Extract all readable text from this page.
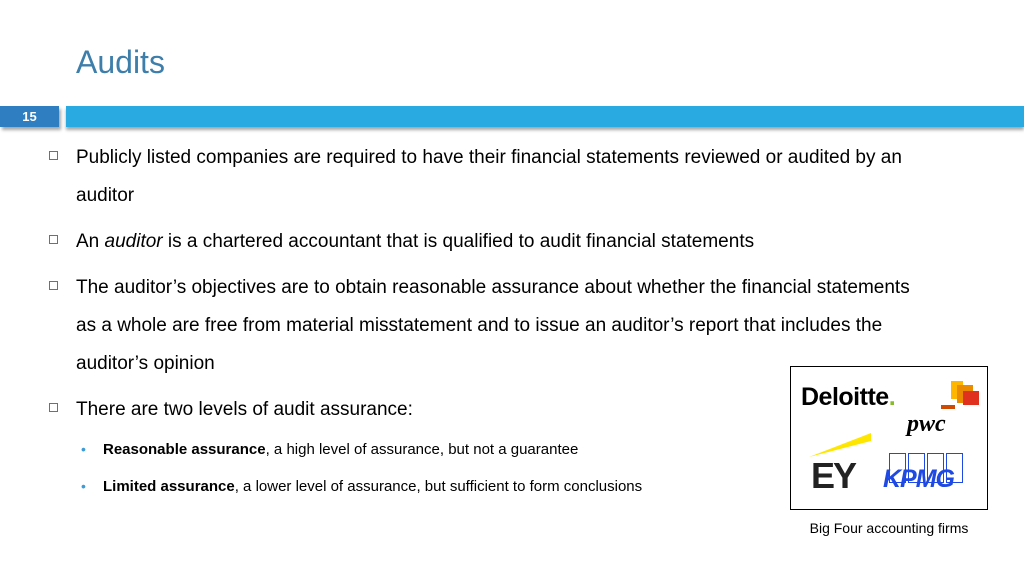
Audits
15
Publicly listed companies are required to have their financial statements reviewed or audited by an auditor
An auditor is a chartered accountant that is qualified to audit financial statements
The auditor’s objectives are to obtain reasonable assurance about whether the financial statements as a whole are free from material misstatement and to issue an auditor’s report that includes the auditor’s opinion
There are two levels of audit assurance:
• Reasonable assurance, a high level of assurance, but not a guarantee
• Limited assurance, a lower level of assurance, but sufficient to form conclusions
Deloitte.
pwc
EY KPMG
Big Four accounting firms
